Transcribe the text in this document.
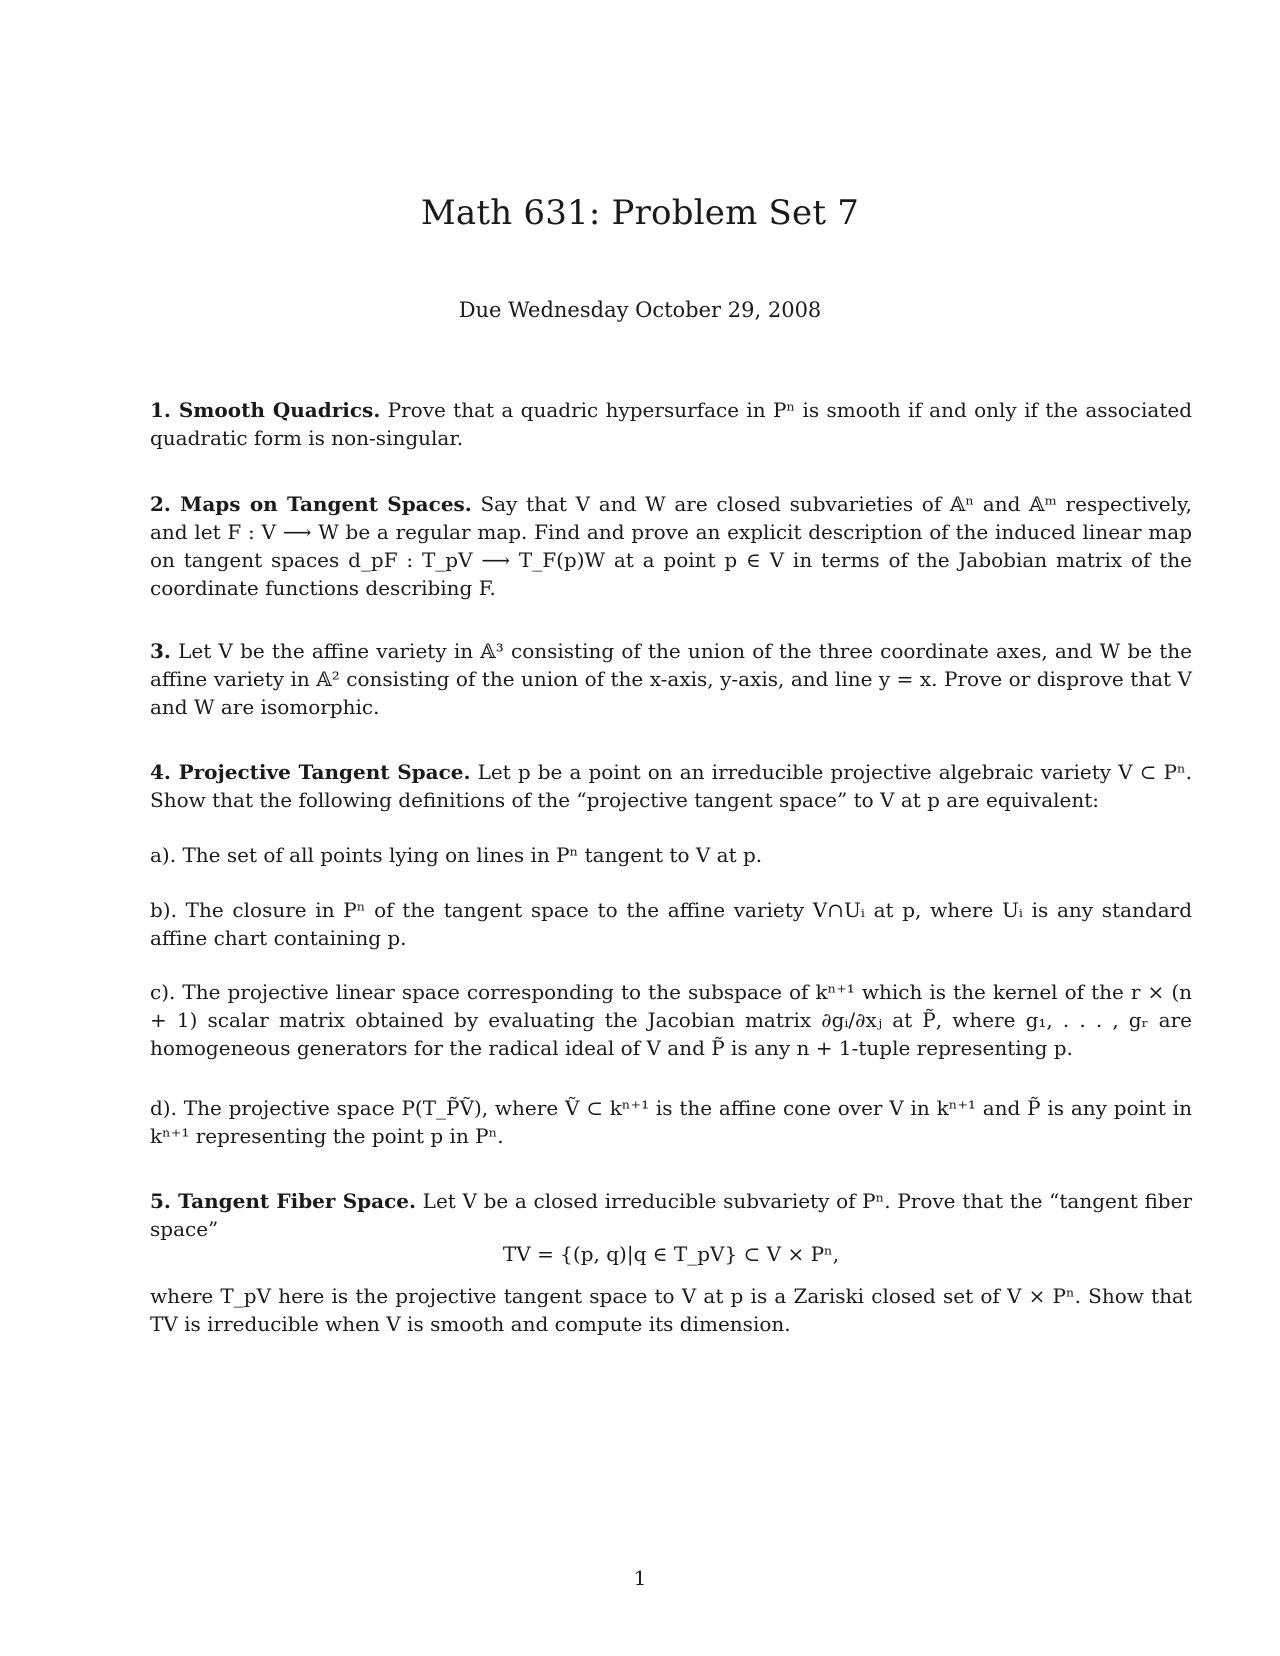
Math 631: Problem Set 7
Due Wednesday October 29, 2008
1. Smooth Quadrics. Prove that a quadric hypersurface in Pⁿ is smooth if and only if the associated quadratic form is non-singular.
2. Maps on Tangent Spaces. Say that V and W are closed subvarieties of 𝔸ⁿ and 𝔸ᵐ respectively, and let F : V ⟶ W be a regular map. Find and prove an explicit description of the induced linear map on tangent spaces d_pF : T_pV ⟶ T_F(p)W at a point p ∈ V in terms of the Jabobian matrix of the coordinate functions describing F.
3. Let V be the affine variety in 𝔸³ consisting of the union of the three coordinate axes, and W be the affine variety in 𝔸² consisting of the union of the x-axis, y-axis, and line y = x. Prove or disprove that V and W are isomorphic.
4. Projective Tangent Space. Let p be a point on an irreducible projective algebraic variety V ⊂ Pⁿ. Show that the following definitions of the “projective tangent space” to V at p are equivalent:
a). The set of all points lying on lines in Pⁿ tangent to V at p.
b). The closure in Pⁿ of the tangent space to the affine variety V∩Uᵢ at p, where Uᵢ is any standard affine chart containing p.
c). The projective linear space corresponding to the subspace of kⁿ⁺¹ which is the kernel of the r × (n + 1) scalar matrix obtained by evaluating the Jacobian matrix ∂gᵢ/∂xⱼ at P̃, where g₁, . . . , gᵣ are homogeneous generators for the radical ideal of V and P̃ is any n + 1-tuple representing p.
d). The projective space P(T_P̃Ṽ), where Ṽ ⊂ kⁿ⁺¹ is the affine cone over V in kⁿ⁺¹ and P̃ is any point in kⁿ⁺¹ representing the point p in Pⁿ.
5. Tangent Fiber Space. Let V be a closed irreducible subvariety of Pⁿ. Prove that the “tangent fiber space”
TV = {(p, q)|q ∈ T_pV} ⊂ V × Pⁿ,
where T_pV here is the projective tangent space to V at p is a Zariski closed set of V × Pⁿ. Show that TV is irreducible when V is smooth and compute its dimension.
1
